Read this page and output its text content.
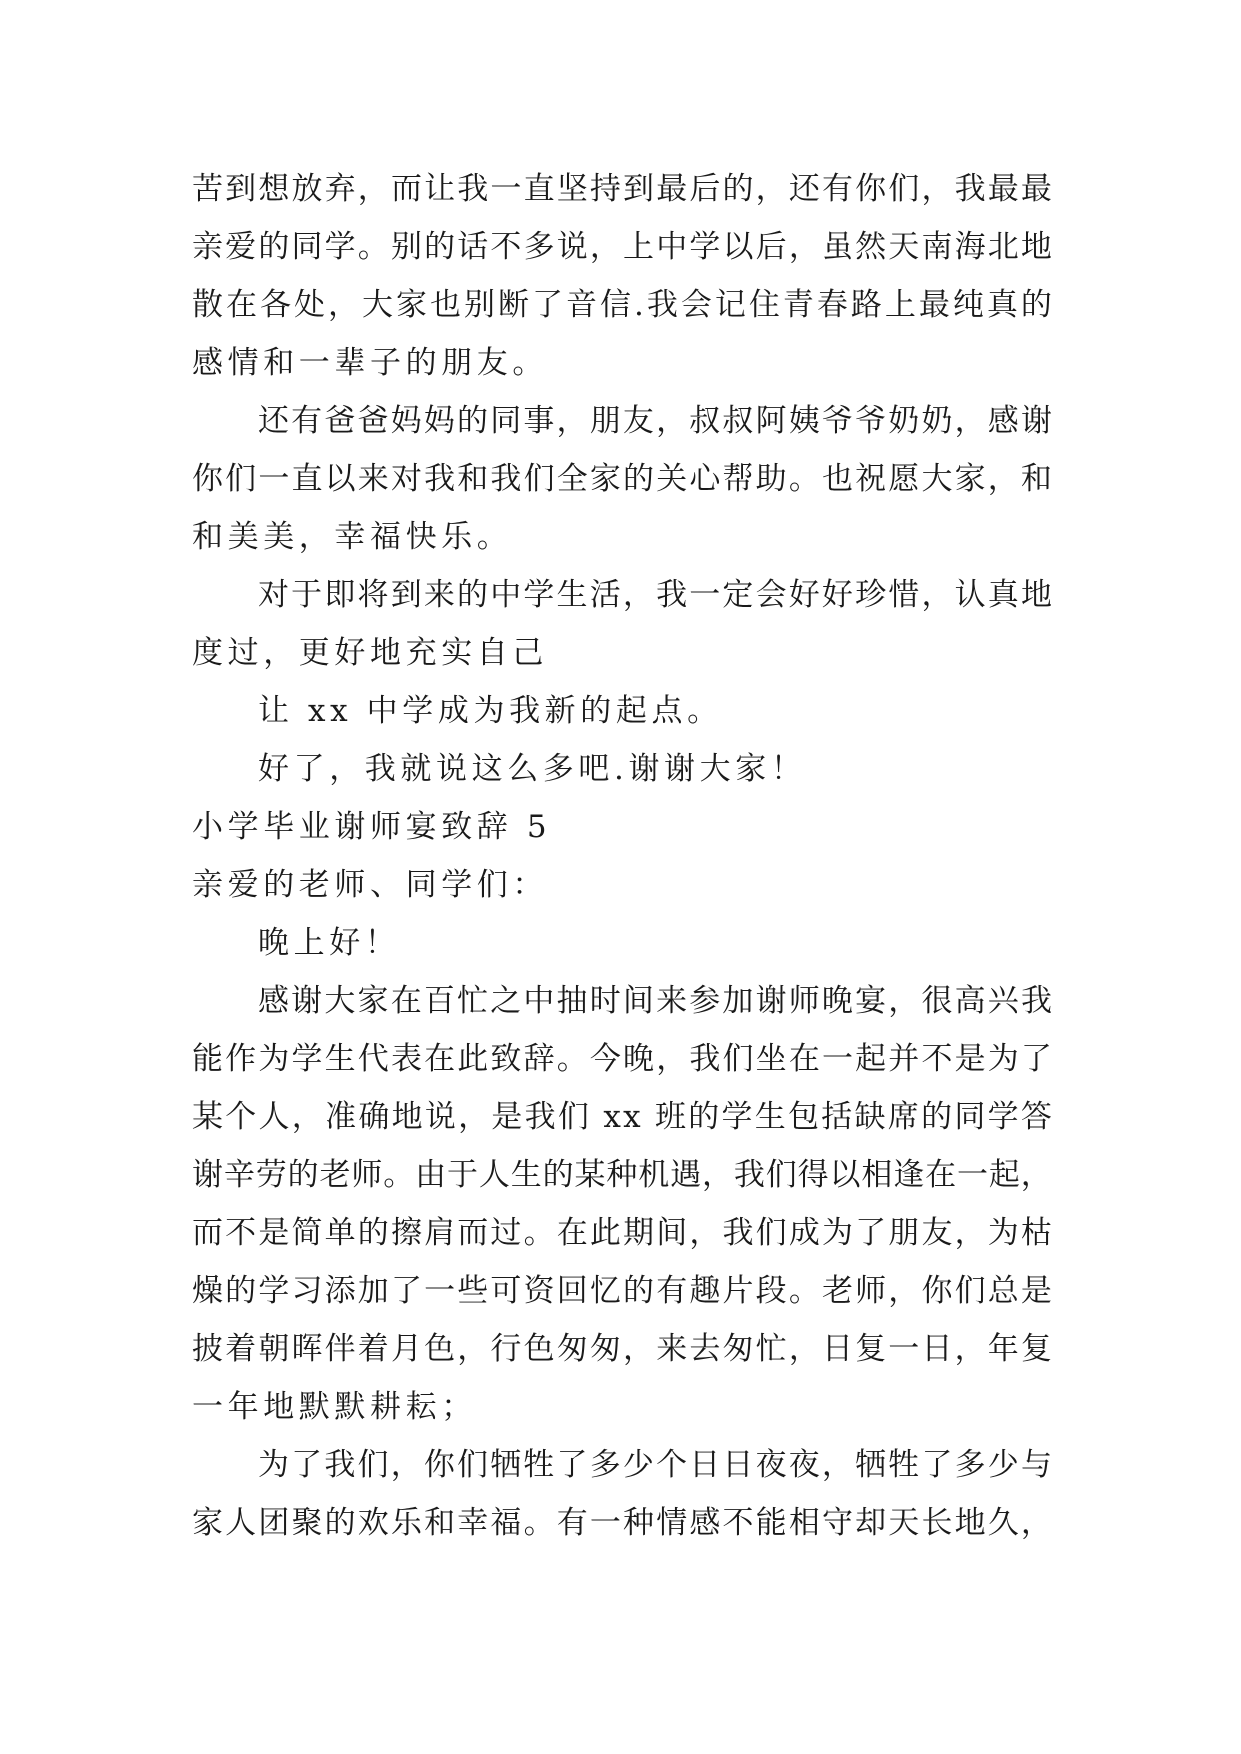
苦 到 想 放 弃 ， 而 让 我 一 直 坚 持 到 最 后 的 ， 还 有 你 们 ， 我 最 最
亲 爱 的 同 学 。 别 的 话 不 多 说 ， 上 中 学 以 后 ， 虽 然 天 南 海 北 地
散 在 各 处 ， 大 家 也 别 断 了 音 信 . 我 会 记 住 青 春 路 上 最 纯 真 的
感情和一辈子的朋友。
还 有 爸 爸 妈 妈 的 同 事 ， 朋 友 ， 叔 叔 阿 姨 爷 爷 奶 奶 ， 感 谢
你 们 一 直 以 来 对 我 和 我 们 全 家 的 关 心 帮 助 。 也 祝 愿 大 家 ， 和
和美美，幸福快乐。
对 于 即 将 到 来 的 中 学 生 活 ， 我 一 定 会 好 好 珍 惜 ， 认 真 地
度过，更好地充实自己
让 xx 中学成为我新的起点。
好了，我就说这么多吧.谢谢大家！
小学毕业谢师宴致辞 5
亲爱的老师、同学们：
晚上好！
感 谢 大 家 在 百 忙 之 中 抽 时 间 来 参 加 谢 师 晚 宴 ， 很 高 兴 我
能 作 为 学 生 代 表 在 此 致 辞 。 今 晚 ， 我 们 坐 在 一 起 并 不 是 为 了
某 个 人 ， 准 确 地 说 ， 是 我 们
x x
班 的 学 生 包 括 缺 席 的 同 学 答
谢 辛 劳 的 老 师 。 由 于 人 生 的 某 种 机 遇 ， 我 们 得 以 相 逢 在 一 起 ，
而 不 是 简 单 的 擦 肩 而 过 。 在 此 期 间 ， 我 们 成 为 了 朋 友 ， 为 枯
燥 的 学 习 添 加 了 一 些 可 资 回 忆 的 有 趣 片 段 。 老 师 ， 你 们 总 是
披 着 朝 晖 伴 着 月 色 ， 行 色 匆 匆 ， 来 去 匆 忙 ， 日 复 一 日 ， 年 复
一年地默默耕耘；
为 了 我 们 ， 你 们 牺 牲 了 多 少 个 日 日 夜 夜 ， 牺 牲 了 多 少 与
家 人 团 聚 的 欢 乐 和 幸 福 。 有 一 种 情 感 不 能 相 守 却 天 长 地 久 ，
